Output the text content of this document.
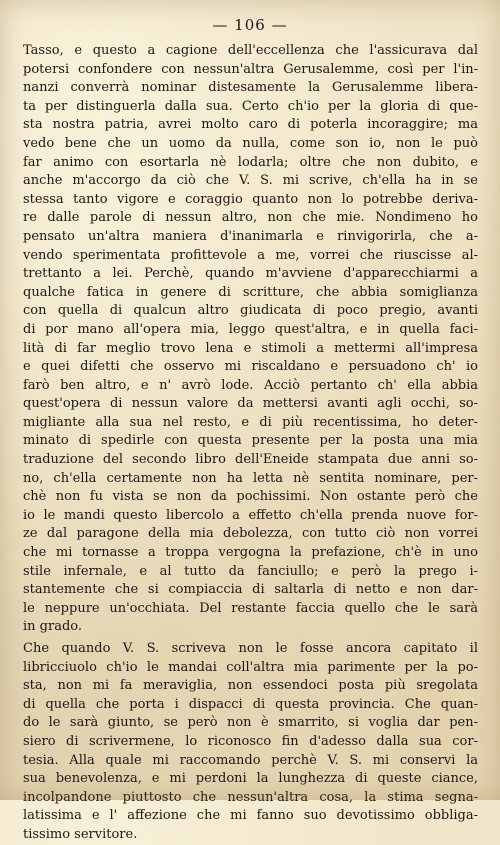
— 106 —
Tasso, e questo a cagione dell'eccellenza che l'assicurava dal
potersi confondere con nessun'altra Gerusalemme, così per l'in-
nanzi converrà nominar distesamente la Gerusalemme libera-
ta per distinguerla dalla sua. Certo ch'io per la gloria di que-
sta nostra patria, avrei molto caro di poterla incoraggire; ma
vedo bene che un uomo da nulla, come son io, non le può
far animo con esortarla nè lodarla; oltre che non dubito, e
anche m'accorgo da ciò che V. S. mi scrive, ch'ella ha in se
stessa tanto vigore e coraggio quanto non lo potrebbe deriva-
re dalle parole di nessun altro, non che mie. Nondimeno ho
pensato un'altra maniera d'inanimarla e rinvigorirla, che a-
vendo sperimentata profittevole a me, vorrei che riuscisse al-
trettanto a lei. Perchè, quando m'avviene d'apparecchiarmi a
qualche fatica in genere di scritture, che abbia somiglianza
con quella di qualcun altro giudicata di poco pregio, avanti
di por mano all'opera mia, leggo quest'altra, e in quella faci-
lità di far meglio trovo lena e stimoli a mettermi all'impresa
e quei difetti che osservo mi riscaldano e persuadono ch' io
farò ben altro, e n' avrò lode. Acciò pertanto ch' ella abbia
quest'opera di nessun valore da mettersi avanti agli occhi, so-
migliante alla sua nel resto, e di più recentissima, ho deter-
minato di spedirle con questa presente per la posta una mia
traduzione del secondo libro dell'Eneide stampata due anni so-
no, ch'ella certamente non ha letta nè sentita nominare, per-
chè non fu vista se non da pochissimi. Non ostante però che
io le mandi questo libercolo a effetto ch'ella prenda nuove for-
ze dal paragone della mia debolezza, con tutto ciò non vorrei
che mi tornasse a troppa vergogna la prefazione, ch'è in uno
stile infernale, e al tutto da fanciullo; e però la prego i-
stantemente che si compiaccia di saltarla di netto e non dar-
le neppure un'occhiata. Del restante faccia quello che le sarà
in grado.
Che quando V. S. scriveva non le fosse ancora capitato il
libricciuolo ch'io le mandai coll'altra mia parimente per la po-
sta, non mi fa meraviglia, non essendoci posta più sregolata
di quella che porta i dispacci di questa provincia. Che quan-
do le sarà giunto, se però non è smarrito, si voglia dar pen-
siero di scrivermene, lo riconosco fin d'adesso dalla sua cor-
tesia. Alla quale mi raccomando perchè V. S. mi conservi la
sua benevolenza, e mi perdoni la lunghezza di queste ciance,
incolpandone piuttosto che nessun'altra cosa, la stima segna-
latissima e l' affezione che mi fanno suo devotissimo obbliga-
tissimo servitore.
